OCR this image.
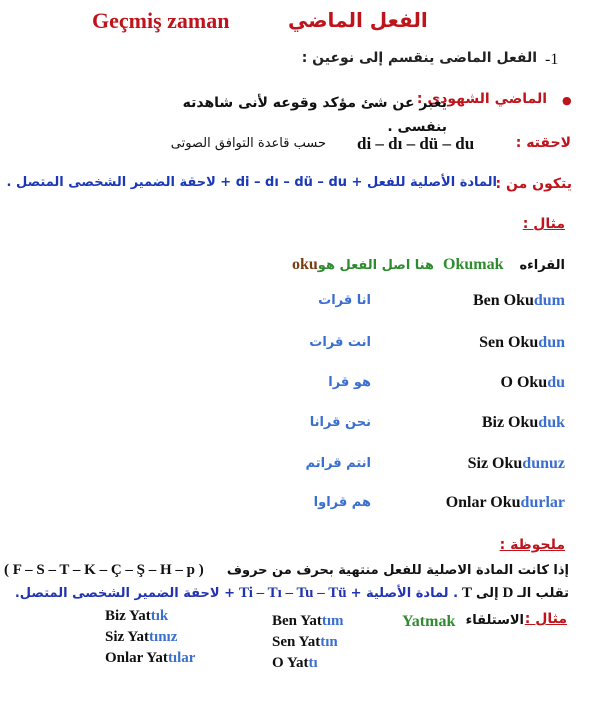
Geçmiş zaman	الفعل الماضي
الفعل الماضى ينقسم إلى نوعين : -1
●
الماضي الشهودى :
يعبر عن شئ مؤكد وقوعه لأنى شاهدته بنفسى .
لاحقته :
di – dı – dü – du
حسب قاعدة التوافق الصوتى
يتكون من :
المادة الأصلية للفعل + di – dı – dü – du + لاحقة الضمير الشخصى المتصل .
مثال :
القراءه
Okumak
هنا اصل الفعل هو
oku
Ben Okudum
انا قرات
Sen Okudun
انت قرات
O Okudu
هو قرا
Biz Okuduk
نحن قرانا
Siz Okudunuz
انتم قراتم
Onlar Okudurlar
هم قراوا
ملحوظة :
إذا كانت المادة الاصلية للفعل منتهية بحرف من حروف
( F – S – T – K – Ç – Ş – H – p )
تقلب الـ
D
إلى
T
. لمادة الأصلية +
Ti – Tı – Tu – Tü
+ لاحقة الضمير الشخصى المتصل.
مثال :
الاستلقاء
Yatmak
Ben Yattım
Sen Yattın
O Yattı
Biz Yattık
Siz Yattınız
Onlar Yattılar
